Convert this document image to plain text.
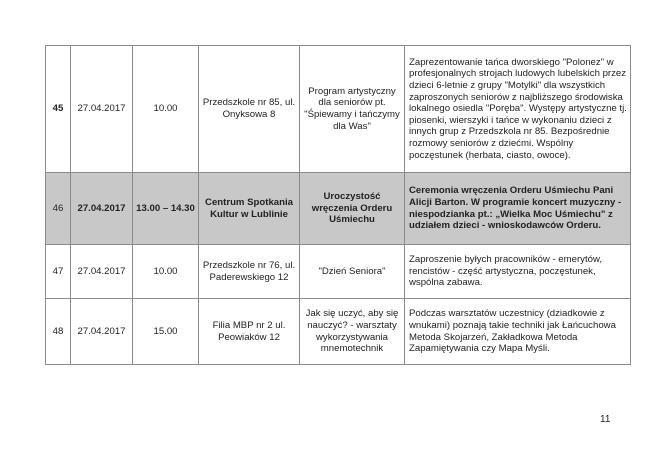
45	27.04.2017	10.00	Przedszkole nr 85, ul. Onyksowa 8	Program artystyczny dla seniorów pt. "Śpiewamy i tańczymy dla Was"	Zaprezentowanie tańca dworskiego "Polonez" w profesjonalnych strojach ludowych lubelskich przez dzieci 6-letnie z grupy "Motylki" dla wszystkich zaproszonych seniorów z najbliższego środowiska lokalnego osiedla "Poręba". Występy artystyczne tj. piosenki, wierszyki i tańce w wykonaniu dzieci z innych grup z Przedszkola nr 85. Bezpośrednie rozmowy seniorów z dziećmi. Wspólny poczęstunek (herbata, ciasto, owoce).
46	27.04.2017	13.00 – 14.30	Centrum Spotkania Kultur w Lublinie	Uroczystość wręczenia Orderu Uśmiechu	Ceremonia wręczenia Orderu Uśmiechu Pani Alicji Barton. W programie koncert muzyczny - niespodzianka pt.: „Wielka Moc Uśmiechu" z udziałem dzieci - wnioskodawców Orderu.
47	27.04.2017	10.00	Przedszkole nr 76, ul. Paderewskiego 12	"Dzień Seniora"	Zaproszenie byłych pracowników - emerytów, rencistów - część artystyczna, poczęstunek, wspólna zabawa.
48	27.04.2017	15.00	Filia MBP nr 2 ul. Peowiaków 12	Jak się uczyć, aby się nauczyć? - warsztaty wykorzystywania mnemotechnik	Podczas warsztatów uczestnicy (dziadkowie z wnukami) poznają takie techniki jak Łańcuchowa Metoda Skojarzeń, Zakładkowa Metoda Zapamiętywania czy Mapa Myśli.
11
